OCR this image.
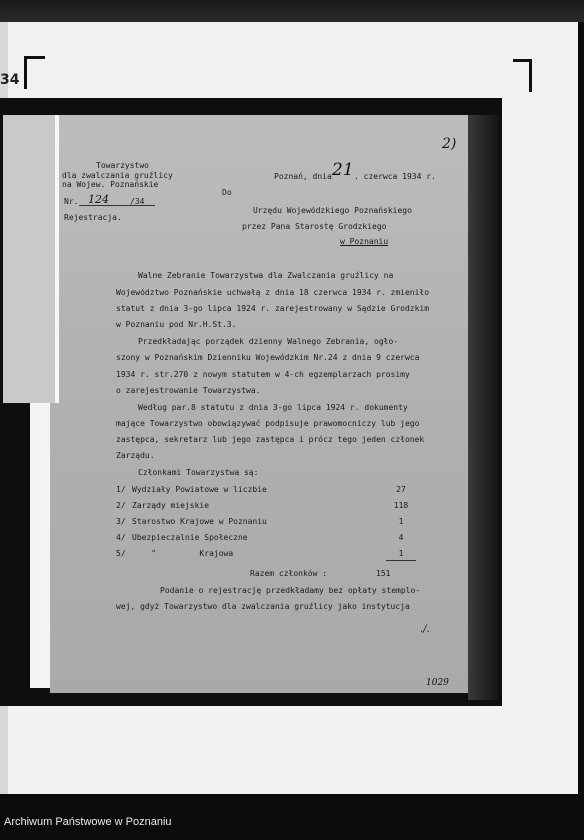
34
Towarzystwo
dla zwalczania gruźlicy
na Wojew. Poznańskie
Nr. 124	/34
Rejestracja.
Poznań, dnia 21 . czerwca 1934 r.
2)
Do
Urzędu Wojewódzkiego Poznańskiego
przez Pana Starostę Grodzkiego
w Poznaniu
Walne Zebranie Towarzystwa dla Zwalczania gruźlicy na
Województwo Poznańskie uchwałą z dnia 18 czerwca 1934 r. zmieniło
statut z dnia 3-go lipca 1924 r. zarejestrowany w Sądzie Grodzkim
w Poznaniu pod Nr.H.St.3.
Przedkładając porządek dzienny Walnego Zebrania, ogło-
szony w Poznańskim Dzienniku Wojewódzkim Nr.24 z dnia 9 czerwca
1934 r. str.270 z nowym statutem w 4-ch egzemplarzach prosimy
o zarejestrowanie Towarzystwa.
Według par.8 statutu z dnia 3-go lipca 1924 r. dokumenty
mające Towarzystwo obowiązywać podpisuje prawomocniczy lub jego
zastępca, sekretarz lub jego zastępca i prócz tego jeden członek
Zarządu.
Członkami Towarzystwa są:
1/ Wydziały Powiatowe w liczbie	27
2/ Zarządy miejskie	118
3/ Starostwo Krajowe w Poznaniu	1
4/ Ubezpieczalnie Społeczne	4
5/ "         Krajowa	1
Razem członków :	151
Podanie o rejestrację przedkładamy bez opłaty stemplo-
wej, gdyż Towarzystwo dla zwalczania gruźlicy jako instytucja
./.
1029
Archiwum Państwowe w Poznaniu
